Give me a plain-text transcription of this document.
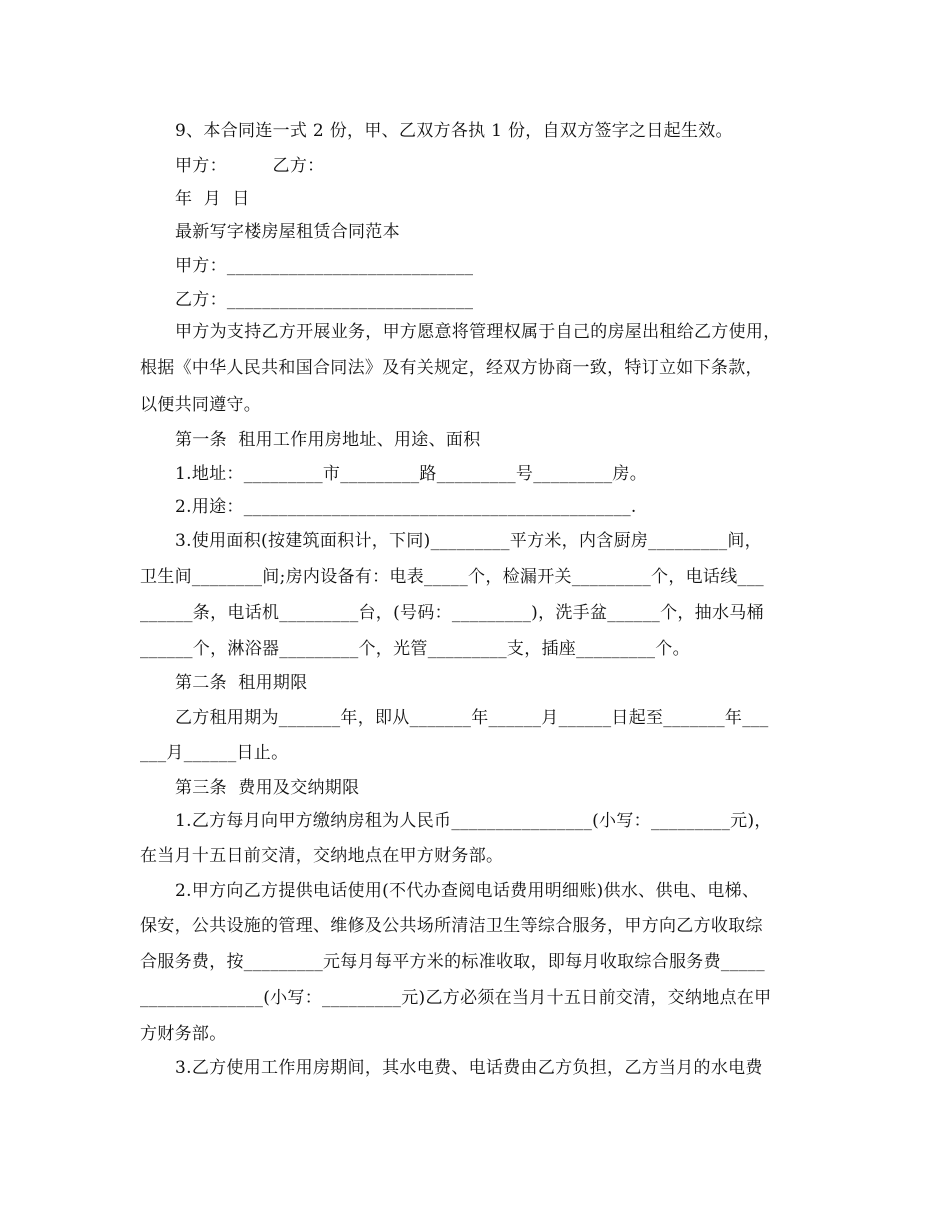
9、本合同连一式 2 份，甲、乙双方各执 1 份，自双方签字之日起生效。
甲方：        乙方：
年  月  日
最新写字楼房屋租赁合同范本
甲方：____________________________
乙方：____________________________
甲方为支持乙方开展业务，甲方愿意将管理权属于自己的房屋出租给乙方使用，
根据《中华人民共和国合同法》及有关规定，经双方协商一致，特订立如下条款，
以便共同遵守。
第一条  租用工作用房地址、用途、面积
1.地址：_________市_________路_________号_________房。
2.用途：____________________________________________.
3.使用面积(按建筑面积计，下同)_________平方米，内含厨房_________间，
卫生间________间;房内设备有：电表_____个，检漏开关_________个，电话线___
______条，电话机_________台，(号码：_________)，洗手盆______个，抽水马桶
______个，淋浴器_________个，光管_________支，插座_________个。
第二条  租用期限
乙方租用期为_______年，即从_______年______月______日起至_______年___
___月______日止。
第三条  费用及交纳期限
1.乙方每月向甲方缴纳房租为人民币________________(小写：_________元)，
在当月十五日前交清，交纳地点在甲方财务部。
2.甲方向乙方提供电话使用(不代办查阅电话费用明细账)供水、供电、电梯、
保安，公共设施的管理、维修及公共场所清洁卫生等综合服务，甲方向乙方收取综
合服务费，按_________元每月每平方米的标准收取，即每月收取综合服务费_____
______________(小写：_________元)乙方必须在当月十五日前交清，交纳地点在甲
方财务部。
3.乙方使用工作用房期间，其水电费、电话费由乙方负担，乙方当月的水电费
